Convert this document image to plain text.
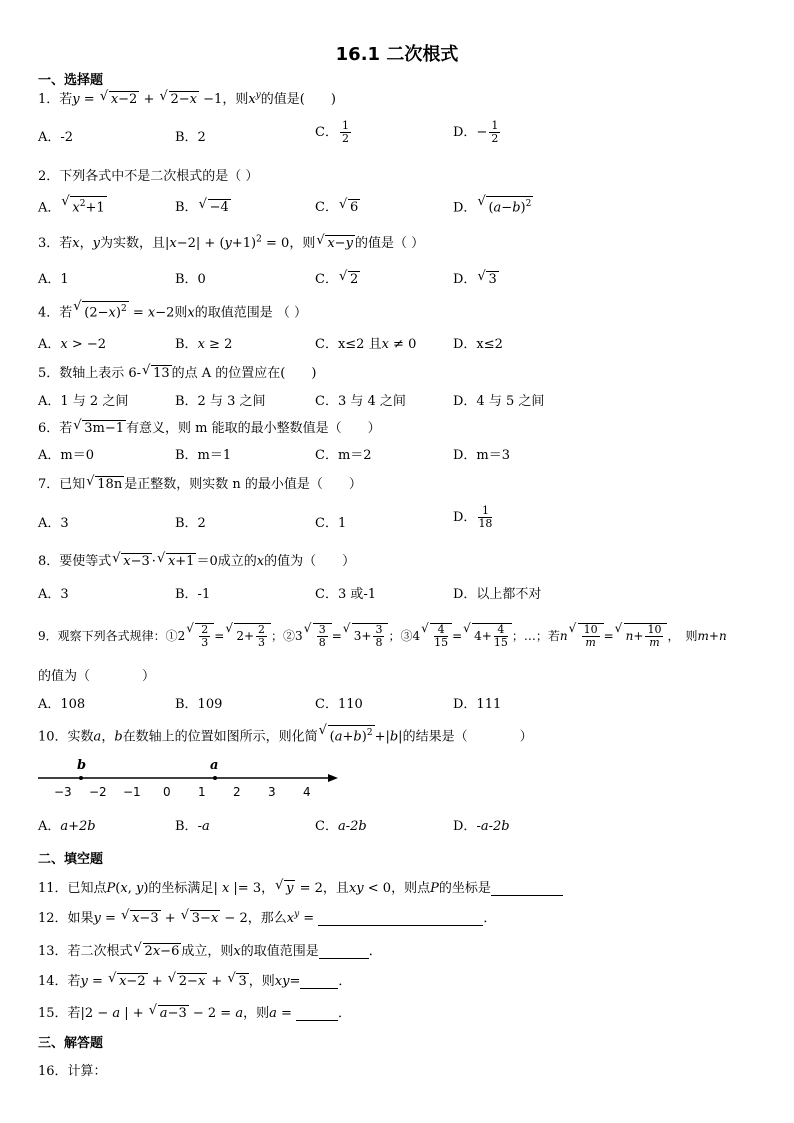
16.1 二次根式
一、选择题
1．若y = √ x−2 + √ 2−x −1，则$x^y$的值是(　　)
A．-2	B．2	C． $\frac{1}{2}$	D．− $\frac{1}{2}$
2．下列各式中不是二次根式的是（ ）
A． √ $x^2+1$	B． √ −4	C． √ 6	D． √ $(a-b)^2$
3．若x，y为实数，且$|x-2| + (y+1)^2 = 0$，则 √ x−y 的值是（ ）
A．1	B．0	C． √ 2	D． √ 3
4．若 √ $(2-x)^2 = x-2$则x的取值范围是 （ ）
A．x > −2	B．x ≥ 2	C．x≤2 且x ≠ 0	D．x≤2
5．数轴上表示 6- √ 13 的点 A 的位置应在(　　)
A．1 与 2 之间	B．2 与 3 之间	C．3 与 4 之间	D．4 与 5 之间
6．若 √ 3m−1 有意义，则 m 能取的最小整数值是（　　）
A．m＝0	B．m＝1	C．m＝2	D．m＝3
7．已知 √ 18n 是正整数，则实数 n 的最小值是（　　）
A．3	B．2	C．1	D． $\frac{1}{18}$
8．要使等式 √ x−3 · √ x+1 ＝0成立的x的值为（　　）
A．3	B．-1	C．3 或-1	D．以上都不对
9．观察下列各式规律：①2 √ $\frac{2}{3}$ = √ $2+ \frac{2}{3}$ ；②3 √ $\frac{3}{8}$ = √ $3+ \frac{3}{8}$ ；③4 √ $\frac{4}{15}$ = √ $4+ \frac{4}{15}$ ；…；若n √ $\frac{10}{m}$ = √ $n+ \frac{10}{m}$ ，　则m+n
的值为（　　　　）
A．108	B．109	C．110	D．111
10．实数a，b在数轴上的位置如图所示，则化简 √ $(a+b)^2 +|b|$的结果是（　　　　）
b	a
−3 −2 −1 0 1 2 3 4
A．a+2b	B．-a	C．a-2b	D．-a-2b
二、填空题
11．已知点P(x, y)的坐标满足| x |= 3， √ y = 2，且xy < 0，则点P的坐标是
12．如果y = √ x−3 + √ 3−x − 2，那么$x^y$ =	．
13．若二次根式 √ 2x−6 成立，则x的取值范围是	．
14．若y = √ x−2 + √ 2−x + √ 3 ，则xy=	．
15．若|2 − a | + √ a−3 − 2 = a，则a =	．
三、解答题
16．计算：
